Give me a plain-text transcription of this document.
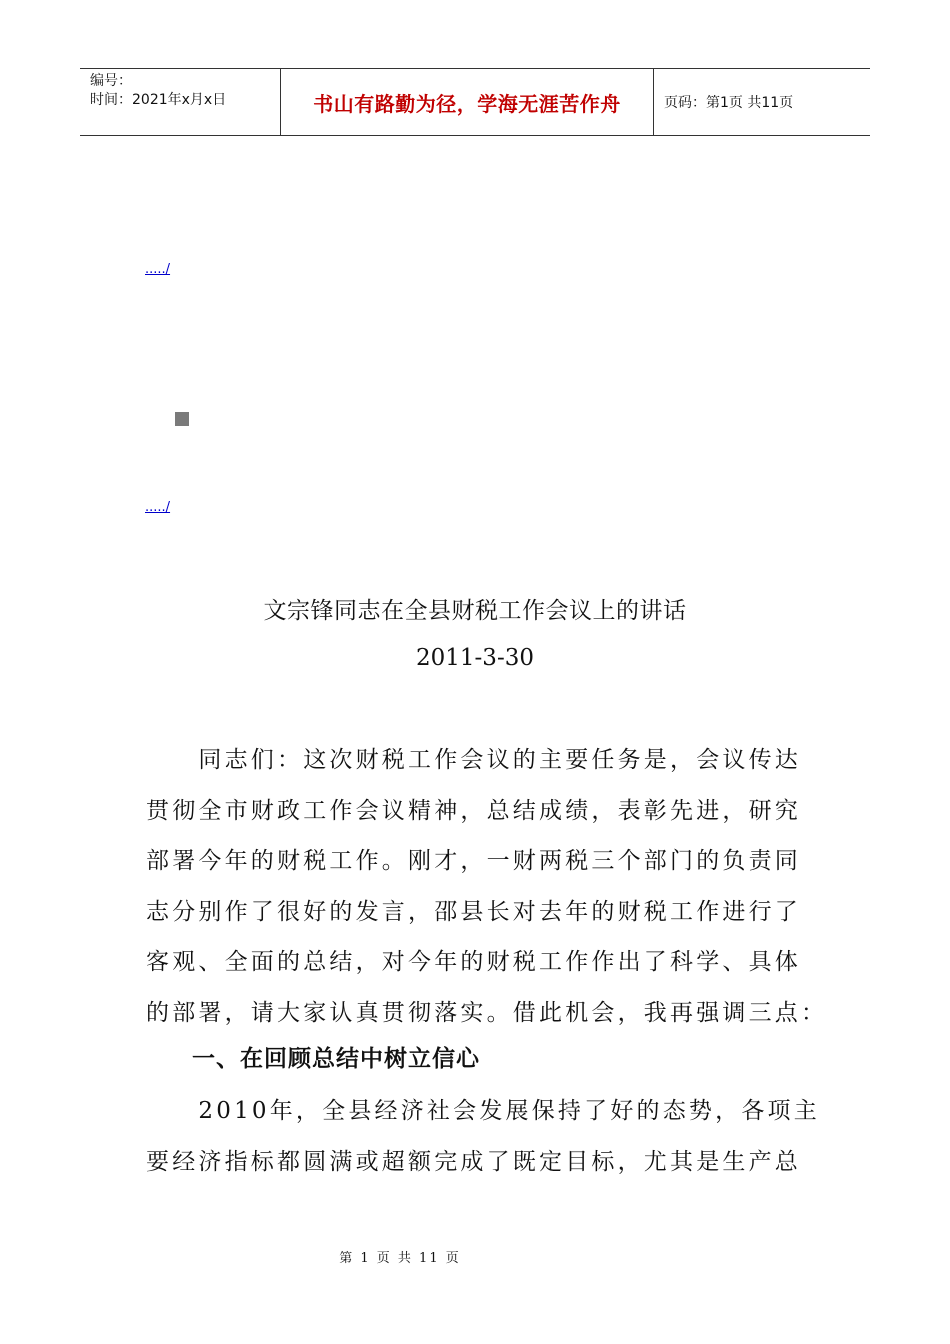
编号：
时间：2021年x月x日	书山有路勤为径，学海无涯苦作舟	页码：第1页 共11页
...../
...../
文宗锋同志在全县财税工作会议上的讲话
2011-3-30
　　同志们：这次财税工作会议的主要任务是，会议传达
贯彻全市财政工作会议精神，总结成绩，表彰先进，研究
部署今年的财税工作。刚才，一财两税三个部门的负责同
志分别作了很好的发言，邵县长对去年的财税工作进行了
客观、全面的总结，对今年的财税工作作出了科学、具体
的部署，请大家认真贯彻落实。借此机会，我再强调三点：
一、在回顾总结中树立信心
　　2010年，全县经济社会发展保持了好的态势，各项主
要经济指标都圆满或超额完成了既定目标，尤其是生产总
第 1 页 共 11 页
